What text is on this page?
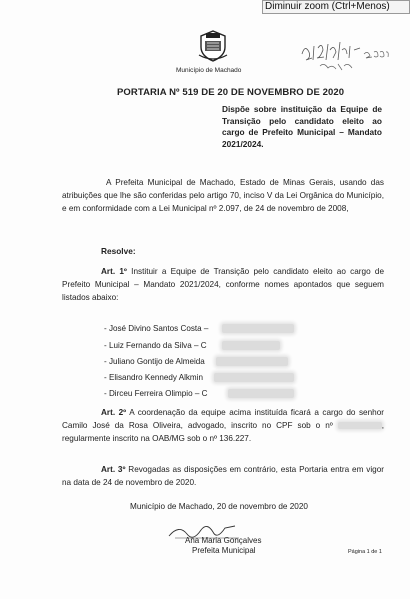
Diminuir zoom (Ctrl+Menos)
Município de Machado
PORTARIA Nº 519 DE 20 DE NOVEMBRO DE 2020
Dispõe sobre instituição da Equipe de Transição pelo candidato eleito ao cargo de Prefeito Municipal – Mandato 2021/2024.
A Prefeita Municipal de Machado, Estado de Minas Gerais, usando das atribuições que lhe são conferidas pelo artigo 70, inciso V da Lei Orgânica do Município, e em conformidade com a Lei Municipal nº 2.097, de 24 de novembro de 2008,
Resolve:
Art. 1º Instituir a Equipe de Transição pelo candidato eleito ao cargo de Prefeito Municipal – Mandato 2021/2024, conforme nomes apontados que seguem listados abaixo:
- José Divino Santos Costa –
- Luiz Fernando da Silva – C
- Juliano Gontijo de Almeida
- Elisandro Kennedy Alkmin
- Dirceu Ferreira Olimpio – C
Art. 2º A coordenação da equipe acima instituída ficará a cargo do senhor Camilo José da Rosa Oliveira, advogado, inscrito no CPF sob o nº	, regularmente inscrito na OAB/MG sob o nº 136.227.
Art. 3º Revogadas as disposições em contrário, esta Portaria entra em vigor na data de 24 de novembro de 2020.
Município de Machado, 20 de novembro de 2020
Ana Maria Gonçalves
Prefeita Municipal	Página 1 de 1
